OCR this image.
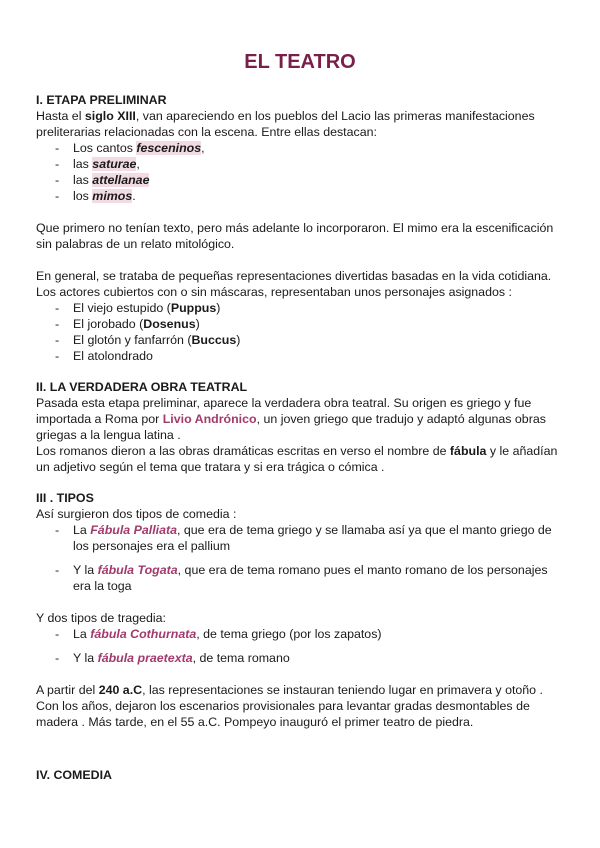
EL TEATRO
I. ETAPA PRELIMINAR

Hasta el siglo XIII, van apareciendo en los pueblos del Lacio las primeras manifestaciones preliterarias relacionadas con la escena. Entre ellas destacan:

- Los cantos fesceninos,
- las saturae,
- las attellanae
- los mimos.

Que primero no tenían texto, pero más adelante lo incorporaron. El mimo era la escenificación sin palabras de un relato mitológico.

En general, se trataba de pequeñas representaciones divertidas basadas en la vida cotidiana. Los actores cubiertos con o sin máscaras, representaban unos personajes asignados :

- El viejo estupido (Puppus)
- El jorobado (Dosenus)
- El glotón y fanfarrón (Buccus)
- El atolondrado
II. LA VERDADERA OBRA TEATRAL

Pasada esta etapa preliminar, aparece la verdadera obra teatral. Su origen es griego y fue importada a Roma por Livio Andrónico, un joven griego que tradujo y adaptó algunas obras griegas a la lengua latina .

Los romanos dieron a las obras dramáticas escritas en verso el nombre de fábula y le añadían un adjetivo según el tema que tratara y si era trágica o cómica .

III . TIPOS

Así surgieron dos tipos de comedia :

- La Fábula Palliata, que era de tema griego y se llamaba así ya que el manto griego de los personajes era el pallium
- Y la fábula Togata, que era de tema romano pues el manto romano de los personajes era la toga

Y dos tipos de tragedia:

- La fábula Cothurnata, de tema griego (por los zapatos)
- Y la fábula praetexta, de tema romano

A partir del 240 a.C, las representaciones se instauran teniendo lugar en primavera y otoño . Con los años, dejaron los escenarios provisionales para levantar gradas desmontables de madera . Más tarde, en el 55 a.C. Pompeyo inauguró el primer teatro de piedra.

IV. COMEDIA
